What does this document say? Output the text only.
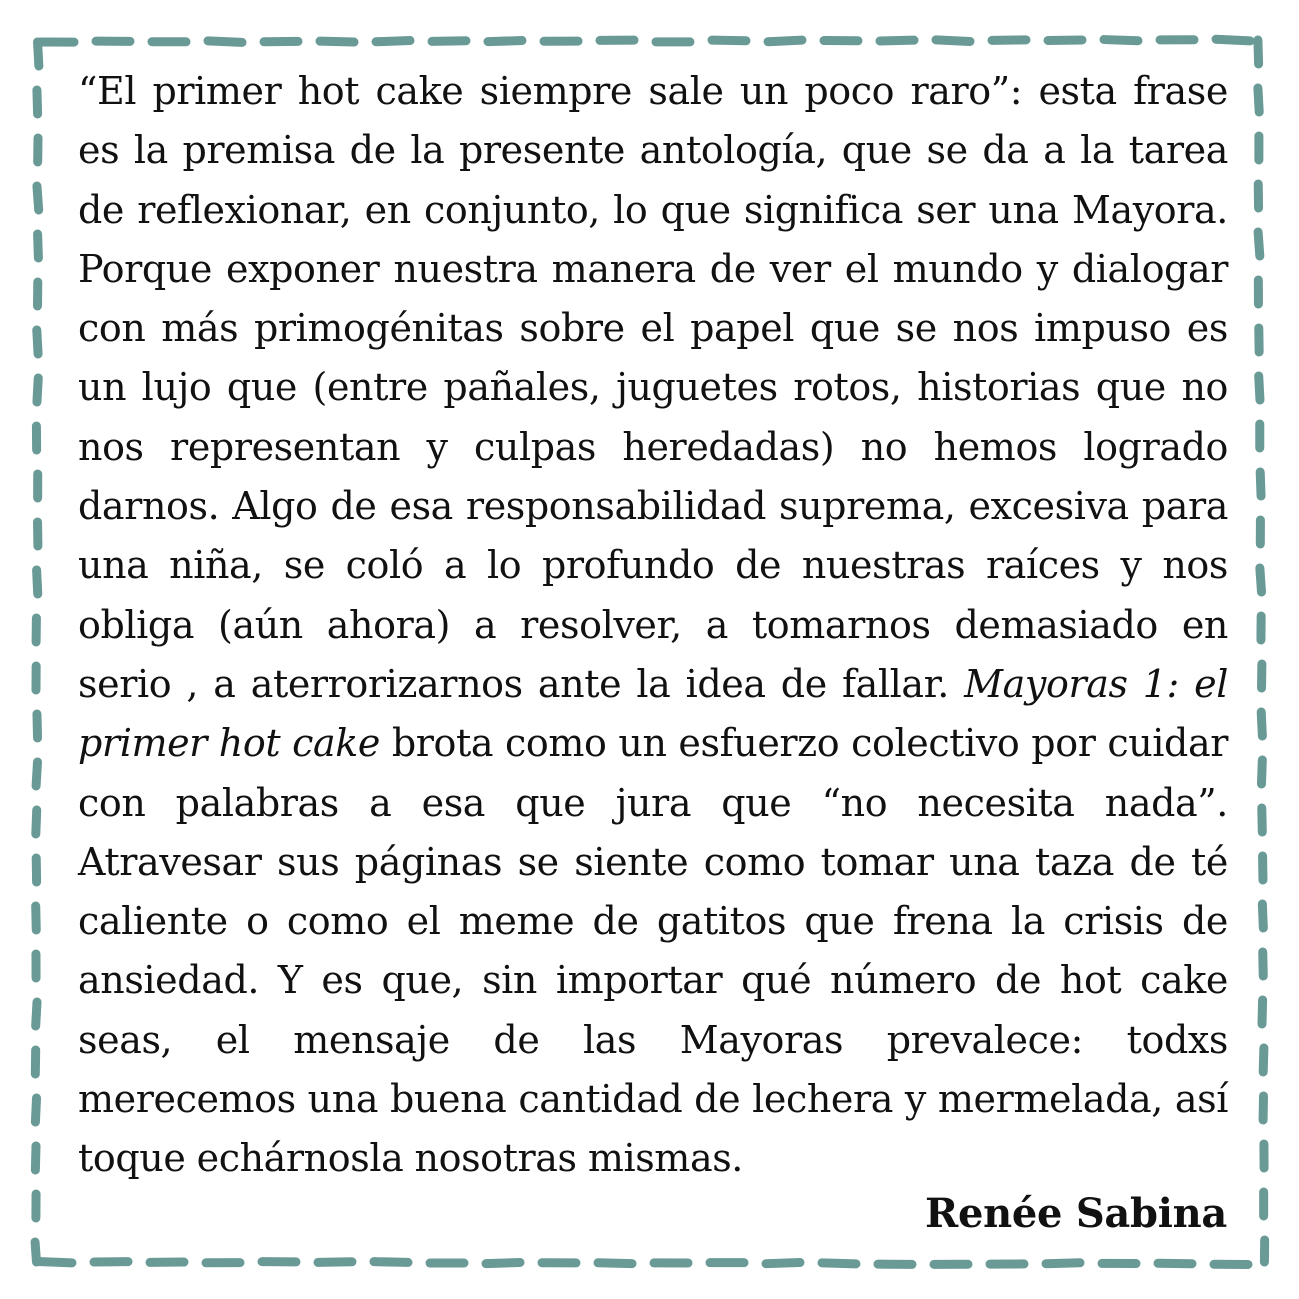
“El primer hot cake siempre sale un poco raro”: esta frase es la premisa de la presente antología, que se da a la tarea de reflexionar, en conjunto, lo que significa ser una Mayora. Porque exponer nuestra manera de ver el mundo y dialogar con más primogénitas sobre el papel que se nos impuso es un lujo que (entre pañales, juguetes rotos, historias que no nos representan y culpas heredadas) no hemos logrado darnos. Algo de esa responsabilidad suprema, excesiva para una niña, se coló a lo profundo de nuestras raíces y nos obliga (aún ahora) a resolver, a tomarnos demasiado en serio , a aterrorizarnos ante la idea de fallar. Mayoras 1: el primer hot cake brota como un esfuerzo colectivo por cuidar con palabras a esa que jura que “no necesita nada”. Atravesar sus páginas se siente como tomar una taza de té caliente o como el meme de gatitos que frena la crisis de ansiedad. Y es que, sin importar qué número de hot cake seas, el mensaje de las Mayoras prevalece: todxs merecemos una buena cantidad de lechera y mermelada, así toque echárnosla nosotras mismas.

Renée Sabina
